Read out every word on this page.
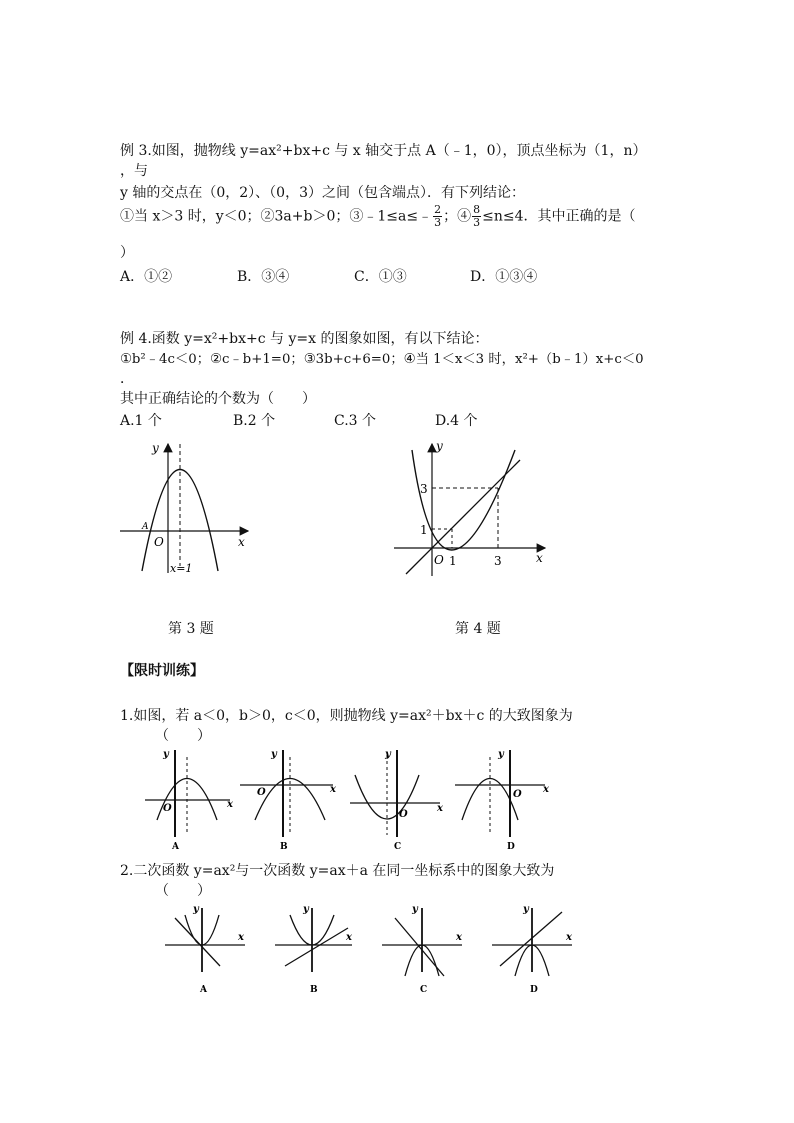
例 3.如图，抛物线 y=ax²+bx+c 与 x 轴交于点 A（﹣1，0），顶点坐标为（1，n）
，与
y 轴的交点在（0，2）、（0，3）之间（包含端点）．有下列结论：
①当 x＞3 时，y＜0；②3a+b＞0；③﹣1≤a≤﹣ $\frac{2}{3}$ ；④ $\frac{8}{3} \le n\le 4$．其中正确的是（
）
A．①②	B．③④	C．①③	D．①③④
例 4.函数 y=x²+bx+c 与 y=x 的图象如图，有以下结论：
①b²﹣4c＜0；②c﹣b+1=0；③3b+c+6=0；④当 1＜x＜3 时，x²+（b﹣1）x+c＜0
．
其中正确结论的个数为（　　）
A.1 个	B.2 个	C.3 个	D.4 个
y
x
O
A
x=1
第 3 题
y
x
O
3
1
1	3
第 4 题
【限时训练】
1.如图，若 a＜0，b＞0，c＜0，则抛物线 y=ax²＋bx＋c 的大致图象为
（　　）
y
x
O
y
x
O
y
x
O
y
x
O
A	B	C	D
2.二次函数 y=ax²与一次函数 y=ax＋a 在同一坐标系中的图象大致为
（　　）
y
x
y
x
y
x
y
x
A	B	C	D
